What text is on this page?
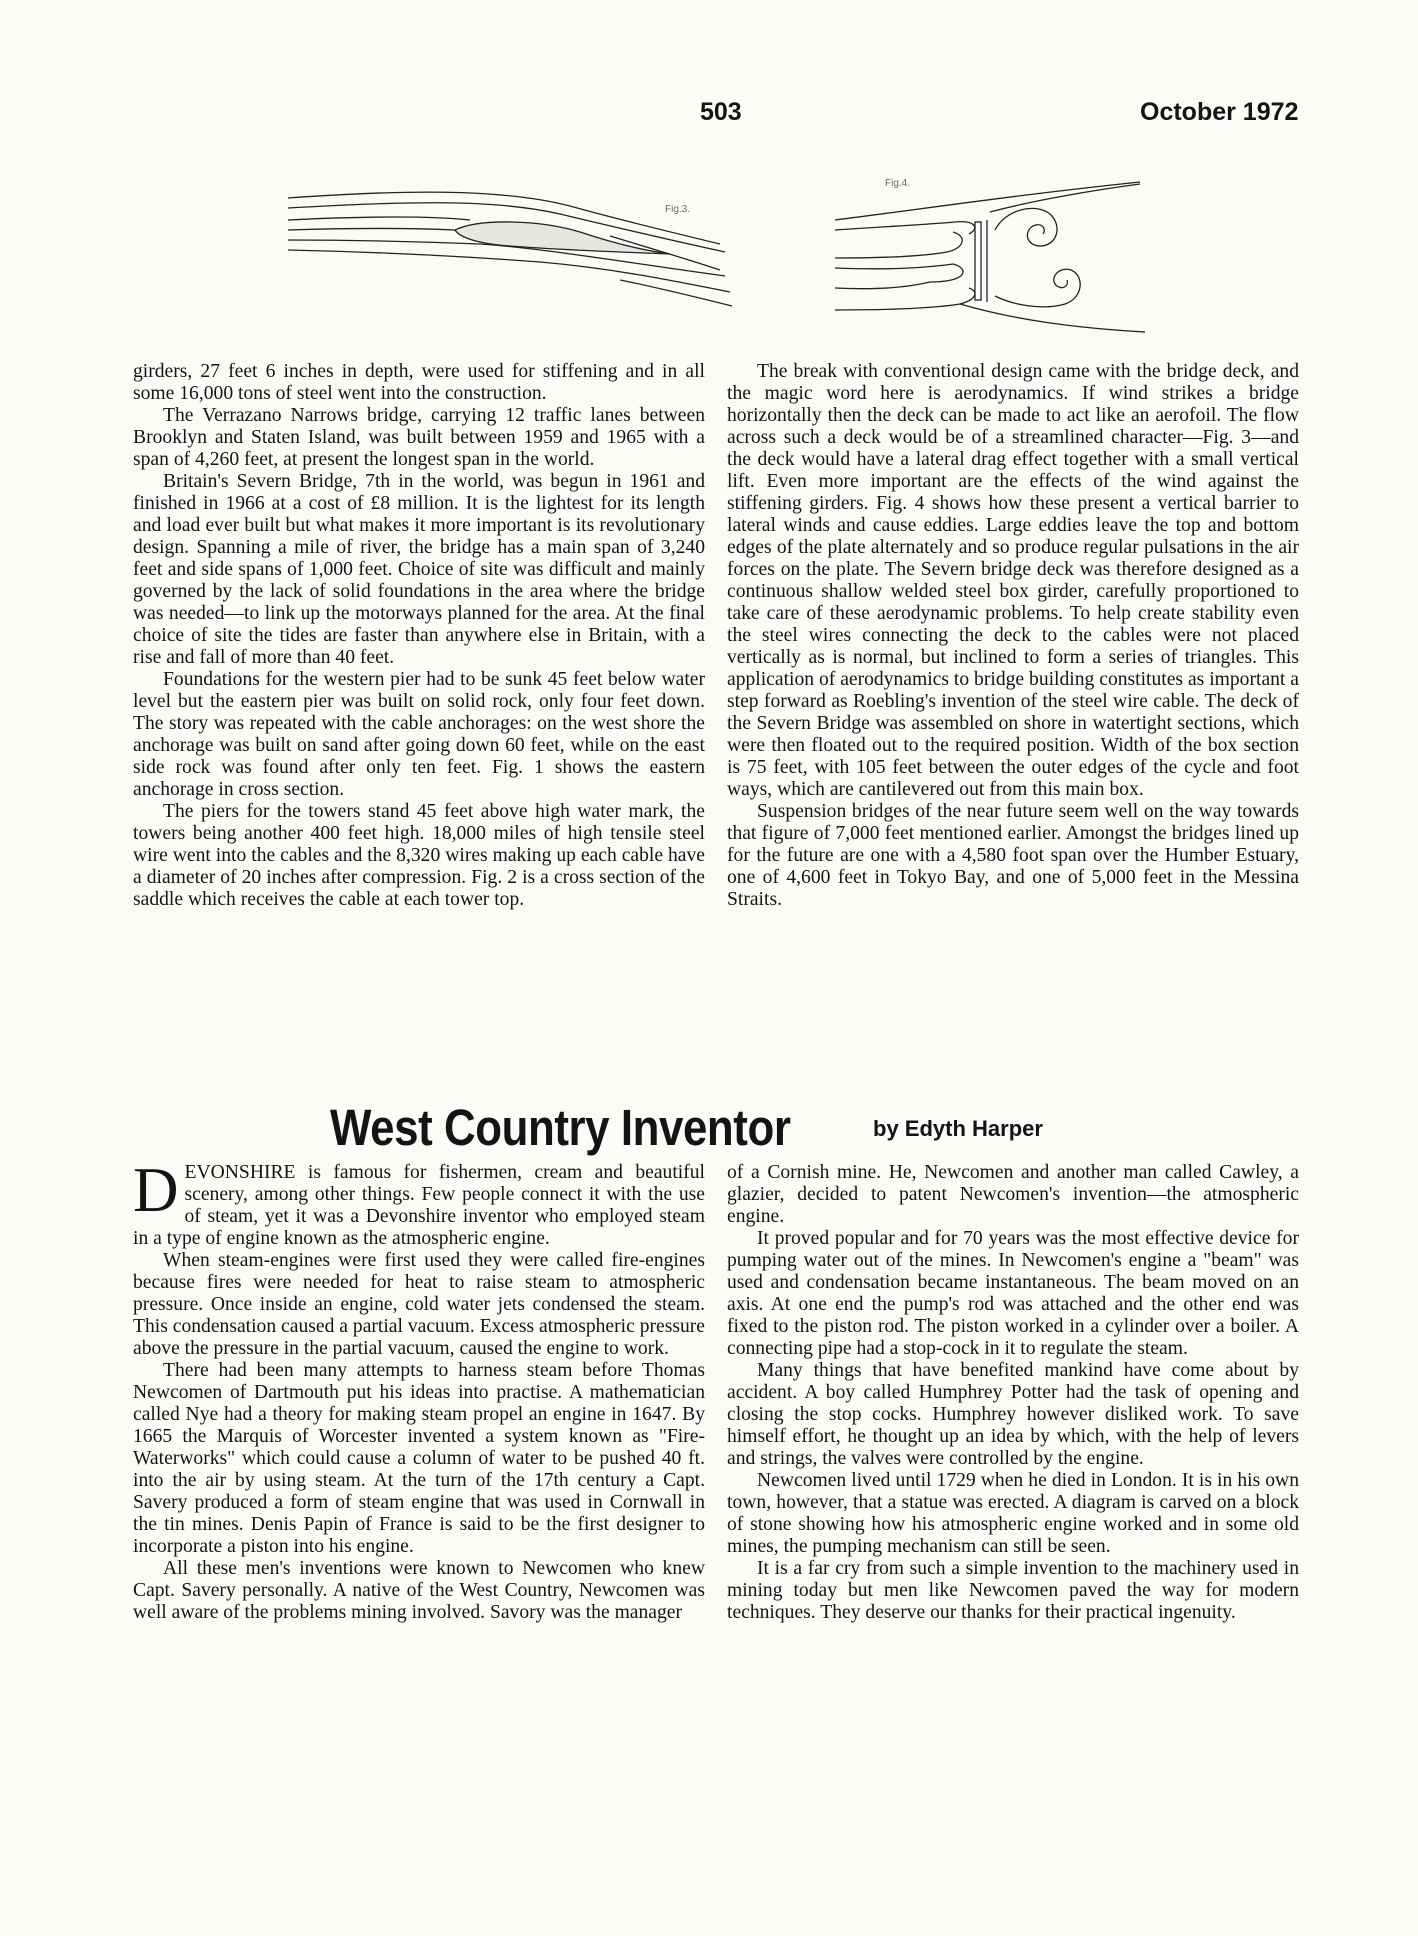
503	October 1972
Fig.3.
Fig.4.

girders, 27 feet 6 inches in depth, were used for stiffening and in all some 16,000 tons of steel went into the construction.

The Verrazano Narrows bridge, carrying 12 traffic lanes between Brooklyn and Staten Island, was built between 1959 and 1965 with a span of 4,260 feet, at present the longest span in the world.

Britain's Severn Bridge, 7th in the world, was begun in 1961 and finished in 1966 at a cost of £8 million. It is the lightest for its length and load ever built but what makes it more important is its revolutionary design. Spanning a mile of river, the bridge has a main span of 3,240 feet and side spans of 1,000 feet. Choice of site was difficult and mainly governed by the lack of solid foundations in the area where the bridge was needed—to link up the motorways planned for the area. At the final choice of site the tides are faster than anywhere else in Britain, with a rise and fall of more than 40 feet.

Foundations for the western pier had to be sunk 45 feet below water level but the eastern pier was built on solid rock, only four feet down. The story was repeated with the cable anchorages: on the west shore the anchorage was built on sand after going down 60 feet, while on the east side rock was found after only ten feet. Fig. 1 shows the eastern anchorage in cross section.

The piers for the towers stand 45 feet above high water mark, the towers being another 400 feet high. 18,000 miles of high tensile steel wire went into the cables and the 8,320 wires making up each cable have a diameter of 20 inches after compression. Fig. 2 is a cross section of the saddle which receives the cable at each tower top.

The break with conventional design came with the bridge deck, and the magic word here is aerodynamics. If wind strikes a bridge horizontally then the deck can be made to act like an aerofoil. The flow across such a deck would be of a streamlined character—Fig. 3—and the deck would have a lateral drag effect together with a small vertical lift. Even more important are the effects of the wind against the stiffening girders. Fig. 4 shows how these present a vertical barrier to lateral winds and cause eddies. Large eddies leave the top and bottom edges of the plate alternately and so produce regular pulsations in the air forces on the plate. The Severn bridge deck was therefore designed as a continuous shallow welded steel box girder, carefully proportioned to take care of these aerodynamic problems. To help create stability even the steel wires connecting the deck to the cables were not placed vertically as is normal, but inclined to form a series of triangles. This application of aerodynamics to bridge building constitutes as important a step forward as Roebling's invention of the steel wire cable. The deck of the Severn Bridge was assembled on shore in watertight sections, which were then floated out to the required position. Width of the box section is 75 feet, with 105 feet between the outer edges of the cycle and foot ways, which are cantilevered out from this main box.

Suspension bridges of the near future seem well on the way towards that figure of 7,000 feet mentioned earlier. Amongst the bridges lined up for the future are one with a 4,580 foot span over the Humber Estuary, one of 4,600 feet in Tokyo Bay, and one of 5,000 feet in the Messina Straits.

West Country Inventor	by Edyth Harper

DEVONSHIRE is famous for fishermen, cream and beautiful scenery, among other things. Few people connect it with the use of steam, yet it was a Devonshire inventor who employed steam in a type of engine known as the atmospheric engine.

When steam-engines were first used they were called fire-engines because fires were needed for heat to raise steam to atmospheric pressure. Once inside an engine, cold water jets condensed the steam. This condensation caused a partial vacuum. Excess atmospheric pressure above the pressure in the partial vacuum, caused the engine to work.

There had been many attempts to harness steam before Thomas Newcomen of Dartmouth put his ideas into practise. A mathematician called Nye had a theory for making steam propel an engine in 1647. By 1665 the Marquis of Worcester invented a system known as "Fire-Waterworks" which could cause a column of water to be pushed 40 ft. into the air by using steam. At the turn of the 17th century a Capt. Savery produced a form of steam engine that was used in Cornwall in the tin mines. Denis Papin of France is said to be the first designer to incorporate a piston into his engine.

All these men's inventions were known to Newcomen who knew Capt. Savery personally. A native of the West Country, Newcomen was well aware of the problems mining involved. Savory was the manager

of a Cornish mine. He, Newcomen and another man called Cawley, a glazier, decided to patent Newcomen's invention—the atmospheric engine.

It proved popular and for 70 years was the most effective device for pumping water out of the mines. In Newcomen's engine a "beam" was used and condensation became instantaneous. The beam moved on an axis. At one end the pump's rod was attached and the other end was fixed to the piston rod. The piston worked in a cylinder over a boiler. A connecting pipe had a stop-cock in it to regulate the steam.

Many things that have benefited mankind have come about by accident. A boy called Humphrey Potter had the task of opening and closing the stop cocks. Humphrey however disliked work. To save himself effort, he thought up an idea by which, with the help of levers and strings, the valves were controlled by the engine.

Newcomen lived until 1729 when he died in London. It is in his own town, however, that a statue was erected. A diagram is carved on a block of stone showing how his atmospheric engine worked and in some old mines, the pumping mechanism can still be seen.

It is a far cry from such a simple invention to the machinery used in mining today but men like Newcomen paved the way for modern techniques. They deserve our thanks for their practical ingenuity.
